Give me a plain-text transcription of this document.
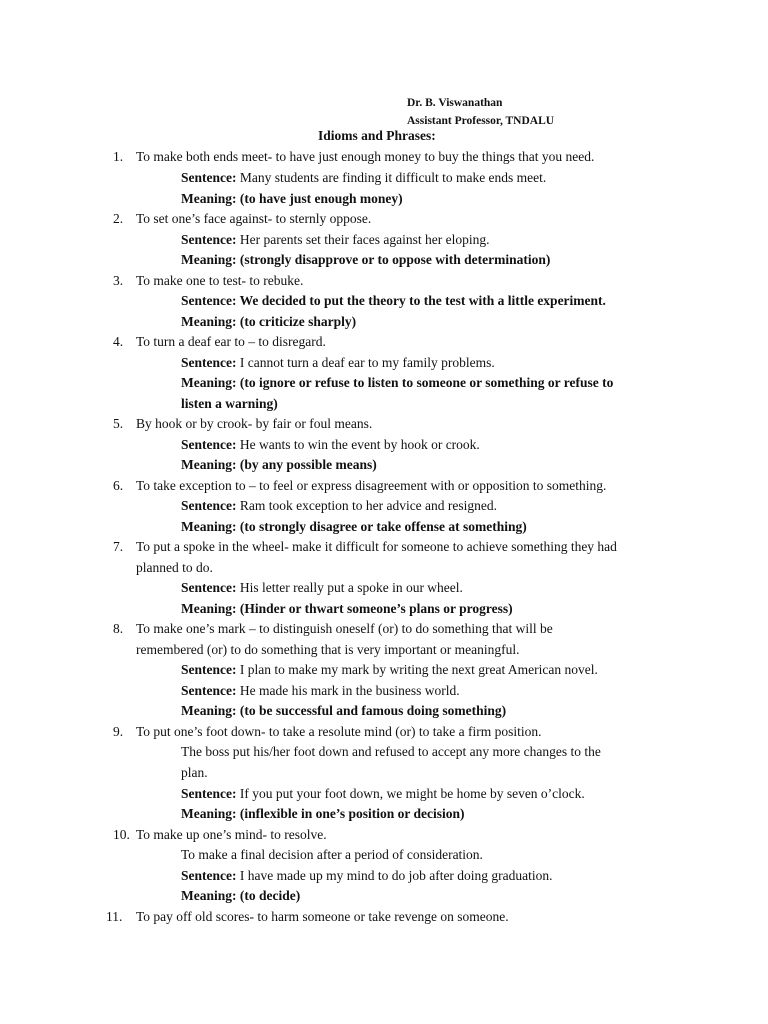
Dr. B. Viswanathan
Assistant Professor, TNDALU
Idioms and Phrases:
1. To make both ends meet- to have just enough money to buy the things that you need.
Sentence: Many students are finding it difficult to make ends meet.
Meaning: (to have just enough money)
2. To set one’s face against- to sternly oppose.
Sentence: Her parents set their faces against her eloping.
Meaning: (strongly disapprove or to oppose with determination)
3. To make one to test- to rebuke.
Sentence: We decided to put the theory to the test with a little experiment.
Meaning: (to criticize sharply)
4. To turn a deaf ear to – to disregard.
Sentence: I cannot turn a deaf ear to my family problems.
Meaning: (to ignore or refuse to listen to someone or something or refuse to
listen a warning)
5. By hook or by crook- by fair or foul means.
Sentence: He wants to win the event by hook or crook.
Meaning: (by any possible means)
6. To take exception to – to feel or express disagreement with or opposition to something.
Sentence: Ram took exception to her advice and resigned.
Meaning: (to strongly disagree or take offense at something)
7. To put a spoke in the wheel- make it difficult for someone to achieve something they had
planned to do.
Sentence: His letter really put a spoke in our wheel.
Meaning: (Hinder or thwart someone’s plans or progress)
8. To make one’s mark – to distinguish oneself (or) to do something that will be
remembered (or) to do something that is very important or meaningful.
Sentence: I plan to make my mark by writing the next great American novel.
Sentence: He made his mark in the business world.
Meaning: (to be successful and famous doing something)
9. To put one’s foot down- to take a resolute mind (or) to take a firm position.
The boss put his/her foot down and refused to accept any more changes to the
plan.
Sentence: If you put your foot down, we might be home by seven o’clock.
Meaning: (inflexible in one’s position or decision)
10. To make up one’s mind- to resolve.
To make a final decision after a period of consideration.
Sentence: I have made up my mind to do job after doing graduation.
Meaning: (to decide)
11. To pay off old scores- to harm someone or take revenge on someone.
